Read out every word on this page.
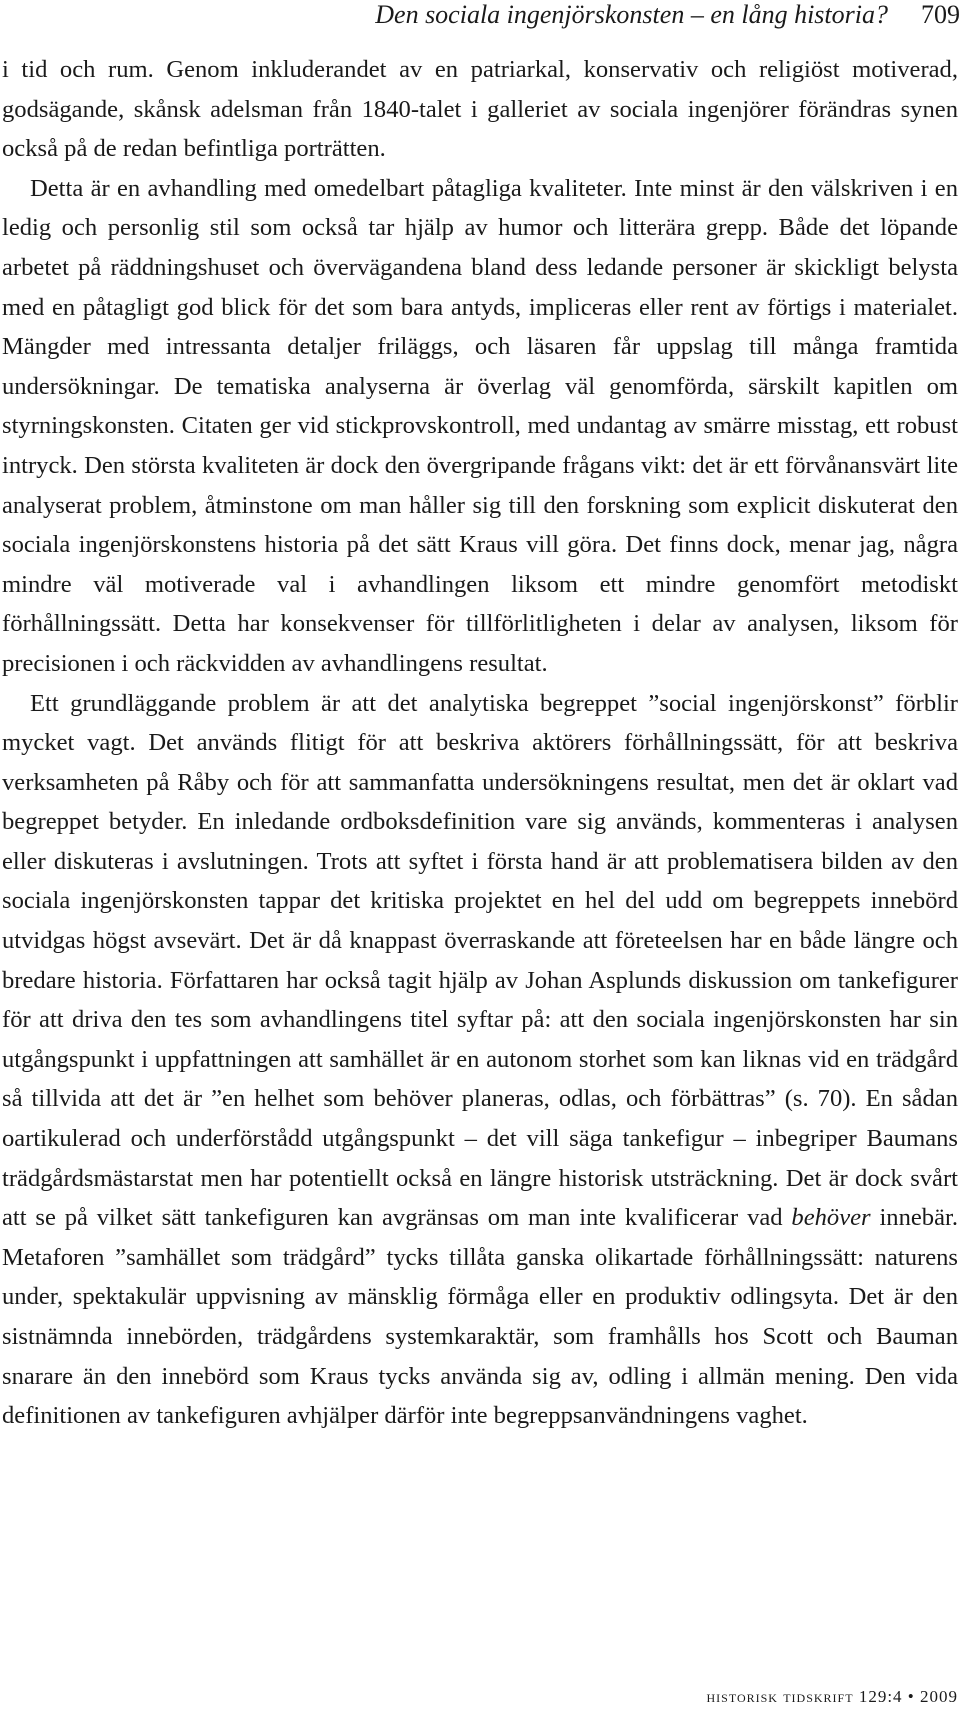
Den sociala ingenjörskonsten – en lång historia? 709

i tid och rum. Genom inkluderandet av en patriarkal, konservativ och religiöst motiverad, godsägande, skånsk adelsman från 1840-talet i galleriet av sociala ingenjörer förändras synen också på de redan befintliga porträtten.

Detta är en avhandling med omedelbart påtagliga kvaliteter. Inte minst är den välskriven i en ledig och personlig stil som också tar hjälp av humor och litterära grepp. Både det löpande arbetet på räddningshuset och övervägandena bland dess ledande personer är skickligt belysta med en påtagligt god blick för det som bara antyds, impliceras eller rent av förtigs i materialet. Mängder med intressanta detaljer friläggs, och läsaren får uppslag till många framtida undersökningar. De tematiska analyserna är överlag väl genomförda, särskilt kapitlen om styrningskonsten. Citaten ger vid stickprovskontroll, med undantag av smärre misstag, ett robust intryck. Den största kvaliteten är dock den övergripande frågans vikt: det är ett förvånansvärt lite analyserat problem, åtminstone om man håller sig till den forskning som explicit diskuterat den sociala ingenjörskonstens historia på det sätt Kraus vill göra. Det finns dock, menar jag, några mindre väl motiverade val i avhandlingen liksom ett mindre genomfört metodiskt förhållningssätt. Detta har konsekvenser för tillförlitligheten i delar av analysen, liksom för precisionen i och räckvidden av avhandlingens resultat.

Ett grundläggande problem är att det analytiska begreppet ”social ingenjörskonst” förblir mycket vagt. Det används flitigt för att beskriva aktörers förhållningssätt, för att beskriva verksamheten på Råby och för att sammanfatta undersökningens resultat, men det är oklart vad begreppet betyder. En inledande ordboksdefinition vare sig används, kommenteras i analysen eller diskuteras i avslutningen. Trots att syftet i första hand är att problematisera bilden av den sociala ingenjörskonsten tappar det kritiska projektet en hel del udd om begreppets innebörd utvidgas högst avsevärt. Det är då knappast överraskande att företeelsen har en både längre och bredare historia. Författaren har också tagit hjälp av Johan Asplunds diskussion om tankefigurer för att driva den tes som avhandlingens titel syftar på: att den sociala ingenjörskonsten har sin utgångspunkt i uppfattningen att samhället är en autonom storhet som kan liknas vid en trädgård så tillvida att det är ”en helhet som behöver planeras, odlas, och förbättras” (s. 70). En sådan oartikulerad och underförstådd utgångspunkt – det vill säga tankefigur – inbegriper Baumans trädgårdsmästarstat men har potentiellt också en längre historisk utsträckning. Det är dock svårt att se på vilket sätt tankefiguren kan avgränsas om man inte kvalificerar vad behöver innebär. Metaforen ”samhället som trädgård” tycks tillåta ganska olikartade förhållningssätt: naturens under, spektakulär uppvisning av mänsklig förmåga eller en produktiv odlingsyta. Det är den sistnämnda innebörden, trädgårdens systemkaraktär, som framhålls hos Scott och Bauman snarare än den innebörd som Kraus tycks använda sig av, odling i allmän mening. Den vida definitionen av tankefiguren avhjälper därför inte begreppsanvändningens vaghet.

historisk tidskrift 129:4 • 2009
